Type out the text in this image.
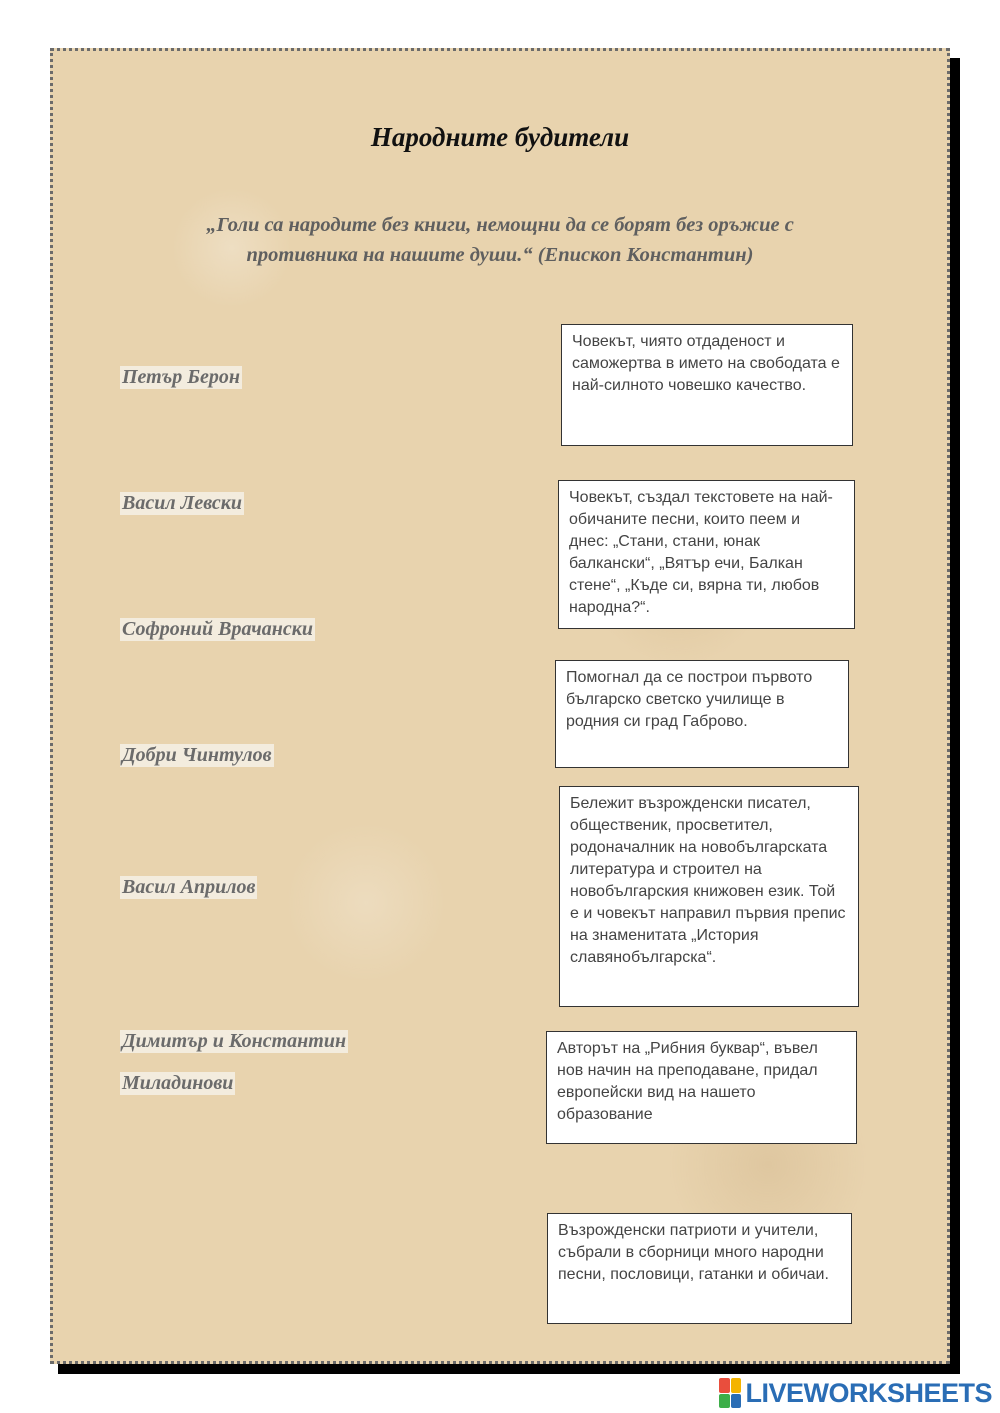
Народните будители
„Голи са народите без книги, немощни да се борят без оръжие с противника на нашите души.“ (Епископ Константин)
Петър Берон
Васил Левски
Софроний Врачански
Добри Чинтулов
Васил Априлов
Димитър и Константин
Миладинови
Човекът, чиято отдаденост и саможертва в името на свободата е най-силното човешко качество.
Човекът, създал текстовете на най-обичаните песни, които пеем и днес: „Стани, стани, юнак балкански“, „Вятър ечи, Балкан стене“, „Къде си, вярна ти, любов народна?“.
Помогнал да се построи първото българско светско училище в родния си град Габрово.
Бележит възрожденски писател, общественик, просветител, родоначалник на новобългарската литература и строител на новобългарския книжовен език. Той е и човекът направил първия препис на знаменитата „История славянобългарска“.
Авторът на „Рибния буквар“, въвел нов начин на преподаване, придал европейски вид на нашето образование
Възрожденски патриоти и учители, събрали в сборници много народни песни, пословици, гатанки и обичаи.
LIVEWORKSHEETS
